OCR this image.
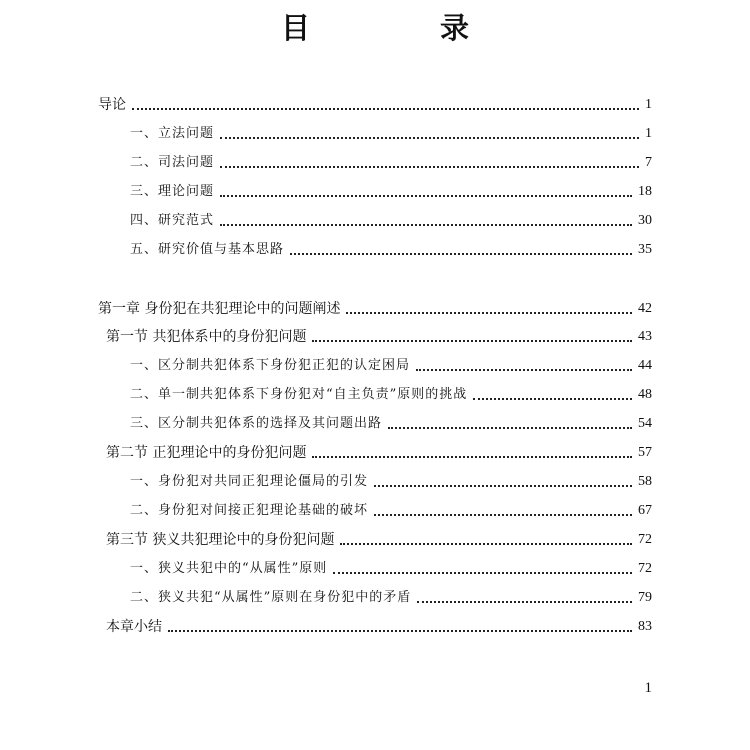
目 录
导论	1
一、立法问题	1
二、司法问题	7
三、理论问题	18
四、研究范式	30
五、研究价值与基本思路	35
第一章 身份犯在共犯理论中的问题阐述	42
第一节 共犯体系中的身份犯问题	43
一、区分制共犯体系下身份犯正犯的认定困局	44
二、单一制共犯体系下身份犯对“自主负责”原则的挑战	48
三、区分制共犯体系的选择及其问题出路	54
第二节 正犯理论中的身份犯问题	57
一、身份犯对共同正犯理论僵局的引发	58
二、身份犯对间接正犯理论基础的破坏	67
第三节 狭义共犯理论中的身份犯问题	72
一、狭义共犯中的“从属性”原则	72
二、狭义共犯“从属性”原则在身份犯中的矛盾	79
本章小结	83
1
